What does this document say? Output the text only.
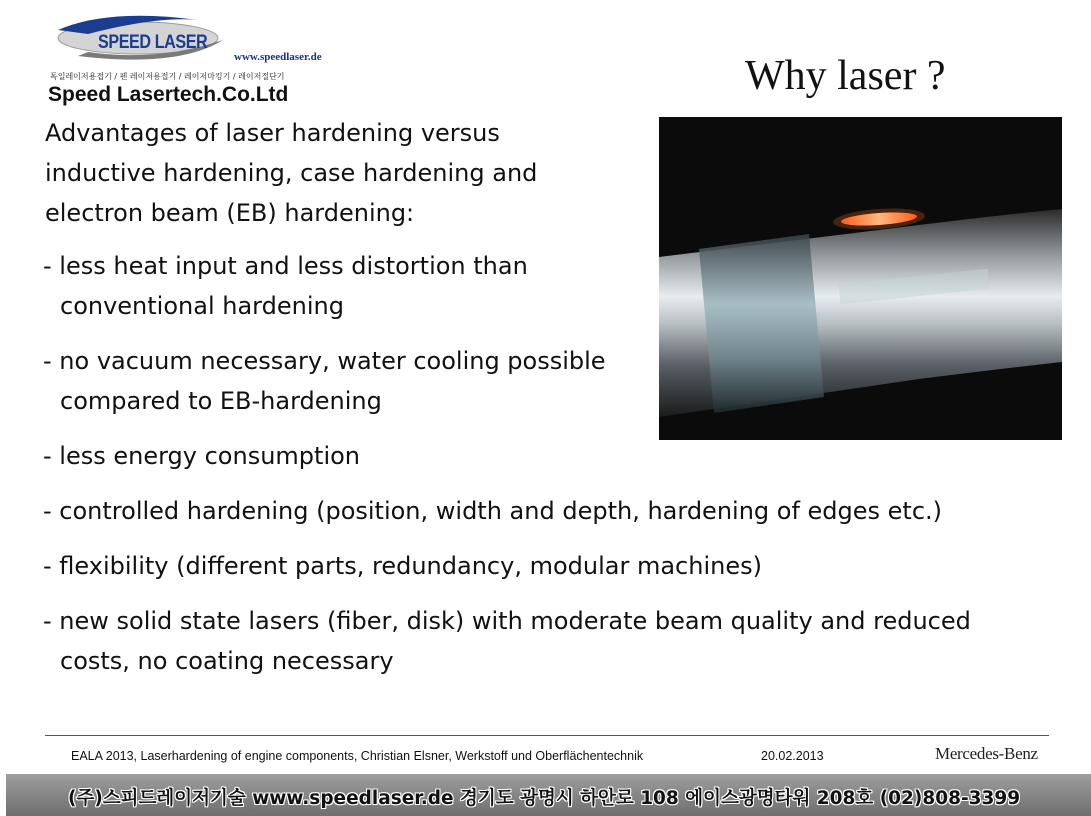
SPEED LASER
www.speedlaser.de
독일레이저용접기 / 펜 레이저용접기 / 레이저마킹기 / 레이저절단기
Speed Lasertech.Co.Ltd	Why laser ?
Advantages of laser hardening versus inductive hardening, case hardening and electron beam (EB) hardening:
- less heat input and less distortion than conventional hardening
- no vacuum necessary, water cooling possible compared to EB-hardening
- less energy consumption
- controlled hardening (position, width and depth, hardening of edges etc.)
- flexibility (different parts, redundancy, modular machines)
- new solid state lasers (fiber, disk) with moderate beam quality and reduced costs, no coating necessary
EALA 2013, Laserhardening of engine components, Christian Elsner, Werkstoff und Oberflächentechnik	20.02.2013	Mercedes-Benz
(주)스피드레이저기술 www.speedlaser.de 경기도 광명시 하안로 108 에이스광명타워 208호 (02)808-3399
